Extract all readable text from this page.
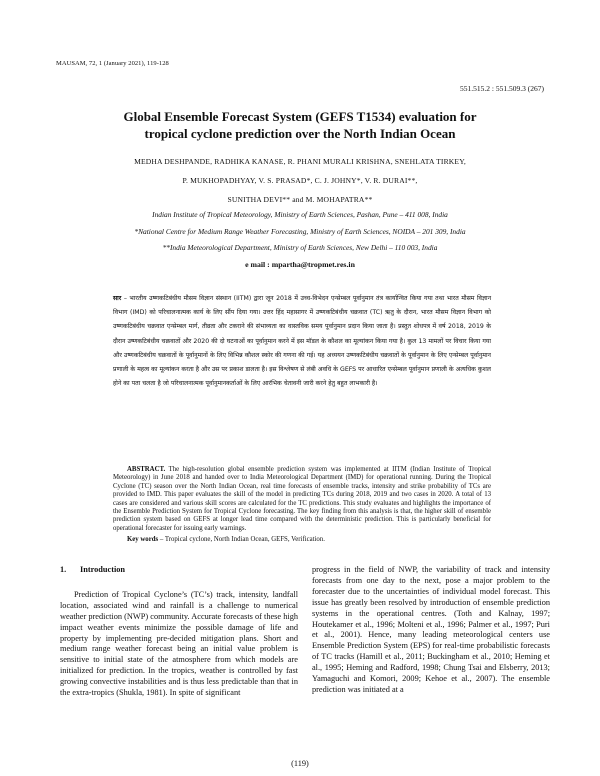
MAUSAM, 72, 1 (January 2021), 119-128
551.515.2 : 551.509.3 (267)
Global Ensemble Forecast System (GEFS T1534) evaluation for
tropical cyclone prediction over the North Indian Ocean
MEDHA DESHPANDE, RADHIKA KANASE, R. PHANI MURALI KRISHNA, SNEHLATA TIRKEY,
P. MUKHOPADHYAY, V. S. PRASAD*, C. J. JOHNY*, V. R. DURAI**,
SUNITHA DEVI** and M. MOHAPATRA**
Indian Institute of Tropical Meteorology, Ministry of Earth Sciences, Pashan, Pune – 411 008, India
*National Centre for Medium Range Weather Forecasting, Ministry of Earth Sciences, NOIDA – 201 309, India
**India Meteorological Department, Ministry of Earth Sciences, New Delhi – 110 003, India
e mail : mpartha@tropmet.res.in
सार – भारतीय उष्णकटिबंधीय मौसम विज्ञान संस्थान (IITM) द्वारा जून 2018 में उच्च-विभेदन एन्सेम्बल पूर्वानुमान तंत्र कार्यान्वित किया गया तथा भारत मौसम विज्ञान विभाग (IMD) को परिचालनात्मक कार्य के लिए सौंप दिया गया। उत्तर हिंद महासागर में उष्णकटिबंधीय चक्रवात (TC) ऋतु के दौरान, भारत मौसम विज्ञान विभाग को उष्णकटिबंधीय चक्रवात एन्सेम्बल मार्ग, तीव्रता और टकराने की संभाव्यता का वास्तविक समय पूर्वानुमान प्रदान किया जाता है। प्रस्तुत शोधपत्र में वर्ष 2018, 2019 के दौरान उष्णकटिबंधीय चक्रवातों और 2020 की दो घटनाओं का पूर्वानुमान करने में इस मॉडल के कौशल का मूल्यांकन किया गया है। कुल 13 मामलों पर विचार किया गया और उष्णकटिबंधीय चक्रवातों के पूर्वानुमानों के लिए विभिन्न कौशल स्कोर की गणना की गई। यह अध्ययन उष्णकटिबंधीय चक्रवातों के पूर्वानुमान के लिए एन्सेम्बल पूर्वानुमान प्रणाली के महत्व का मूल्यांकन करता है और उस पर प्रकाश डालता है। इस विश्लेषण से लंबी अवधि के GEFS पर आधारित एन्सेम्बल पूर्वानुमान प्रणाली के अत्यधिक कुशल होने का पता चलता है जो परिचालनात्मक पूर्वानुमानकर्ताओं के लिए आरंभिक चेतावनी जारी करने हेतु बहुत लाभकारी है।
ABSTRACT. The high-resolution global ensemble prediction system was implemented at IITM (Indian Institute of Tropical Meteorology) in June 2018 and handed over to India Meteorological Department (IMD) for operational running. During the Tropical Cyclone (TC) season over the North Indian Ocean, real time forecasts of ensemble tracks, intensity and strike probability of TCs are provided to IMD. This paper evaluates the skill of the model in predicting TCs during 2018, 2019 and two cases in 2020. A total of 13 cases are considered and various skill scores are calculated for the TC predictions. This study evaluates and highlights the importance of the Ensemble Prediction System for Tropical Cyclone forecasting. The key finding from this analysis is that, the higher skill of ensemble prediction system based on GEFS at longer lead time compared with the deterministic prediction. This is particularly beneficial for operational forecaster for issuing early warnings.
Key words – Tropical cyclone, North Indian Ocean, GEFS, Verification.
1. Introduction
Prediction of Tropical Cyclone’s (TC’s) track, intensity, landfall location, associated wind and rainfall is a challenge to numerical weather prediction (NWP) community. Accurate forecasts of these high impact weather events minimize the possible damage of life and property by implementing pre-decided mitigation plans. Short and medium range weather forecast being an initial value problem is sensitive to initial state of the atmosphere from which models are initialized for prediction. In the tropics, weather is controlled by fast growing convective instabilities and is thus less predictable than that in the extra-tropics (Shukla, 1981). In spite of significant
progress in the field of NWP, the variability of track and intensity forecasts from one day to the next, pose a major problem to the forecaster due to the uncertainties of individual model forecast. This issue has greatly been resolved by introduction of ensemble prediction systems in the operational centres. (Toth and Kalnay, 1997; Houtekamer et al., 1996; Molteni et al., 1996; Palmer et al., 1997; Puri et al., 2001). Hence, many leading meteorological centers use Ensemble Prediction System (EPS) for real-time probabilistic forecasts of TC tracks (Hamill et al., 2011; Buckingham et al., 2010; Heming et al., 1995; Heming and Radford, 1998; Chung Tsai and Elsberry, 2013; Yamaguchi and Komori, 2009; Kehoe et al., 2007). The ensemble prediction was initiated at a
(119)
